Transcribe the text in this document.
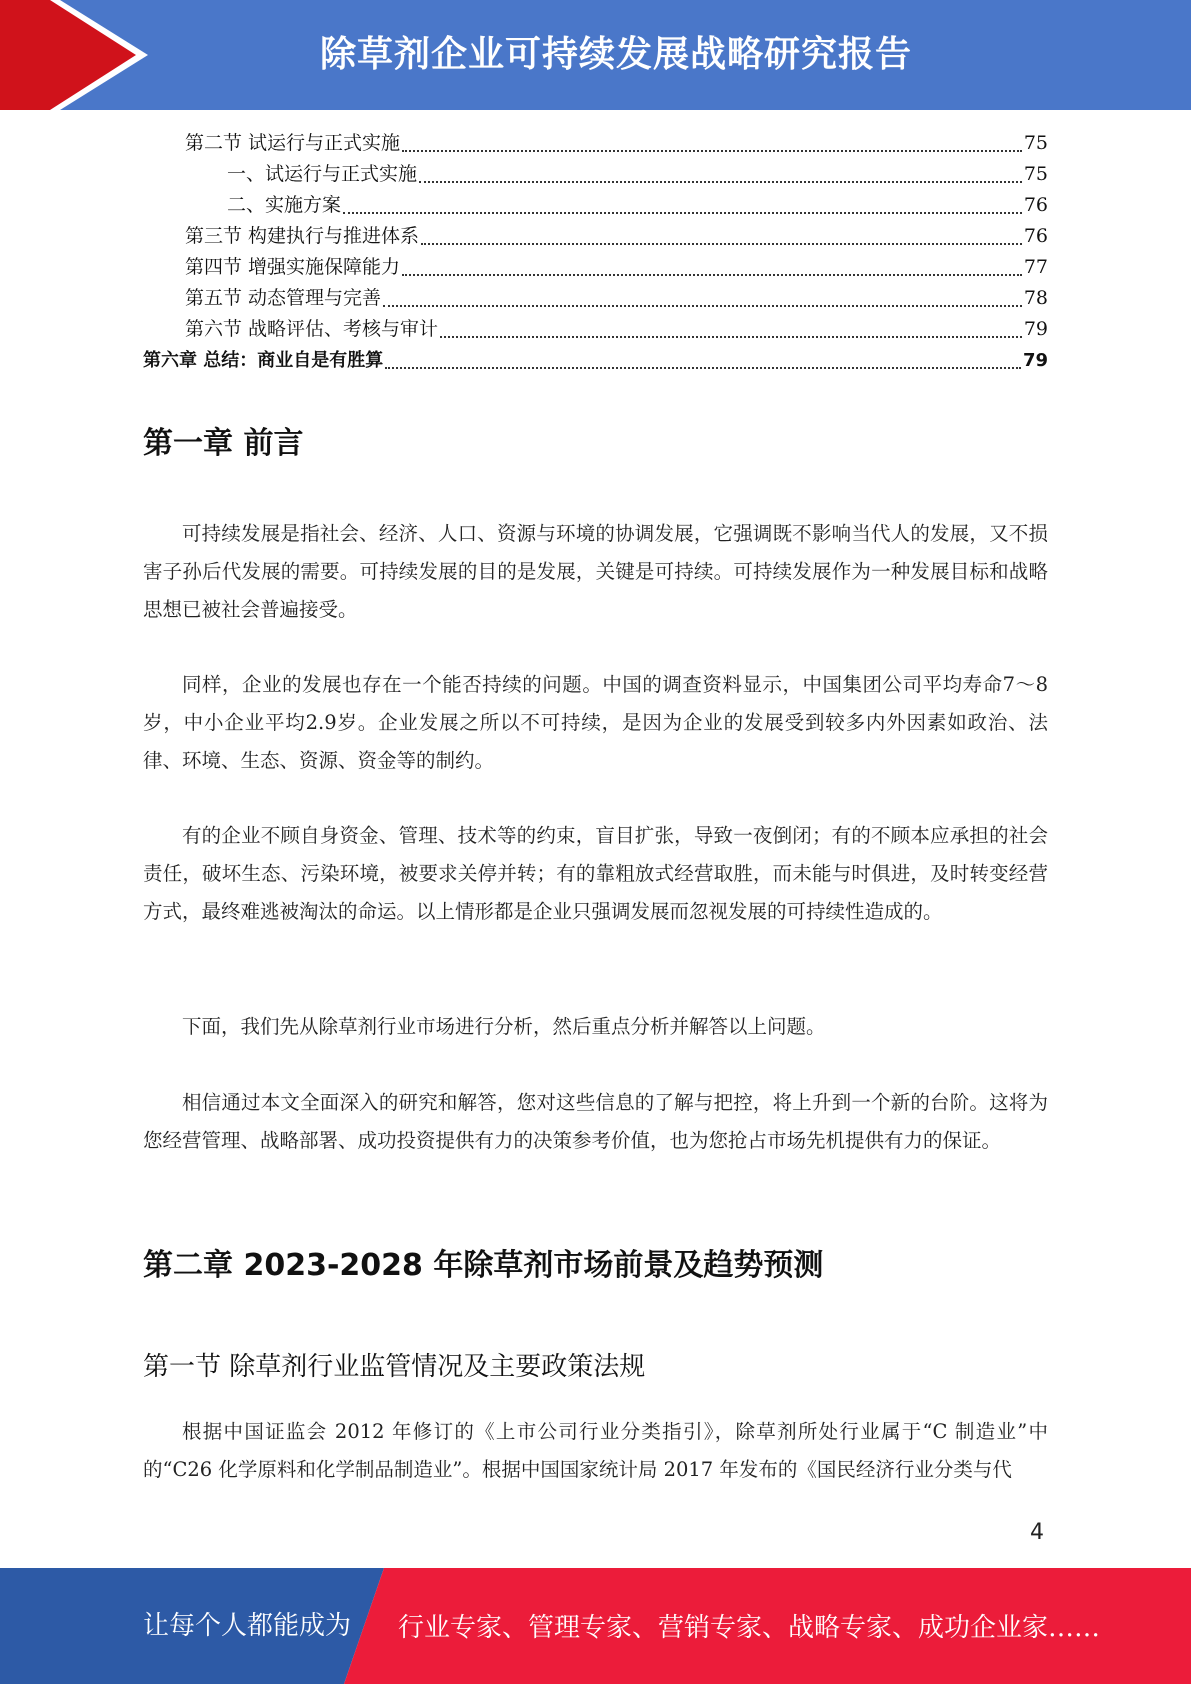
除草剂企业可持续发展战略研究报告
第二节 试运行与正式实施	75
一、试运行与正式实施	75
二、实施方案	76
第三节 构建执行与推进体系	76
第四节 增强实施保障能力	77
第五节 动态管理与完善	78
第六节 战略评估、考核与审计	79
第六章 总结：商业自是有胜算	79
第一章 前言

可持续发展是指社会、经济、人口、资源与环境的协调发展，它强调既不影响当代人的发展，又不损害子孙后代发展的需要。可持续发展的目的是发展，关键是可持续。可持续发展作为一种发展目标和战略思想已被社会普遍接受。

同样，企业的发展也存在一个能否持续的问题。中国的调查资料显示，中国集团公司平均寿命7～8岁，中小企业平均2.9岁。企业发展之所以不可持续，是因为企业的发展受到较多内外因素如政治、法律、环境、生态、资源、资金等的制约。

有的企业不顾自身资金、管理、技术等的约束，盲目扩张，导致一夜倒闭；有的不顾本应承担的社会责任，破坏生态、污染环境，被要求关停并转；有的靠粗放式经营取胜，而未能与时俱进，及时转变经营方式，最终难逃被淘汰的命运。以上情形都是企业只强调发展而忽视发展的可持续性造成的。

下面，我们先从除草剂行业市场进行分析，然后重点分析并解答以上问题。

相信通过本文全面深入的研究和解答，您对这些信息的了解与把控，将上升到一个新的台阶。这将为您经营管理、战略部署、成功投资提供有力的决策参考价值，也为您抢占市场先机提供有力的保证。

第二章 2023-2028 年除草剂市场前景及趋势预测
第一节 除草剂行业监管情况及主要政策法规

根据中国证监会 2012 年修订的《上市公司行业分类指引》，除草剂所处行业属于“C 制造业”中的“C26 化学原料和化学制品制造业”。根据中国国家统计局 2017 年发布的《国民经济行业分类与代

4
让每个人都能成为 行业专家、管理专家、营销专家、战略专家、成功企业家……
